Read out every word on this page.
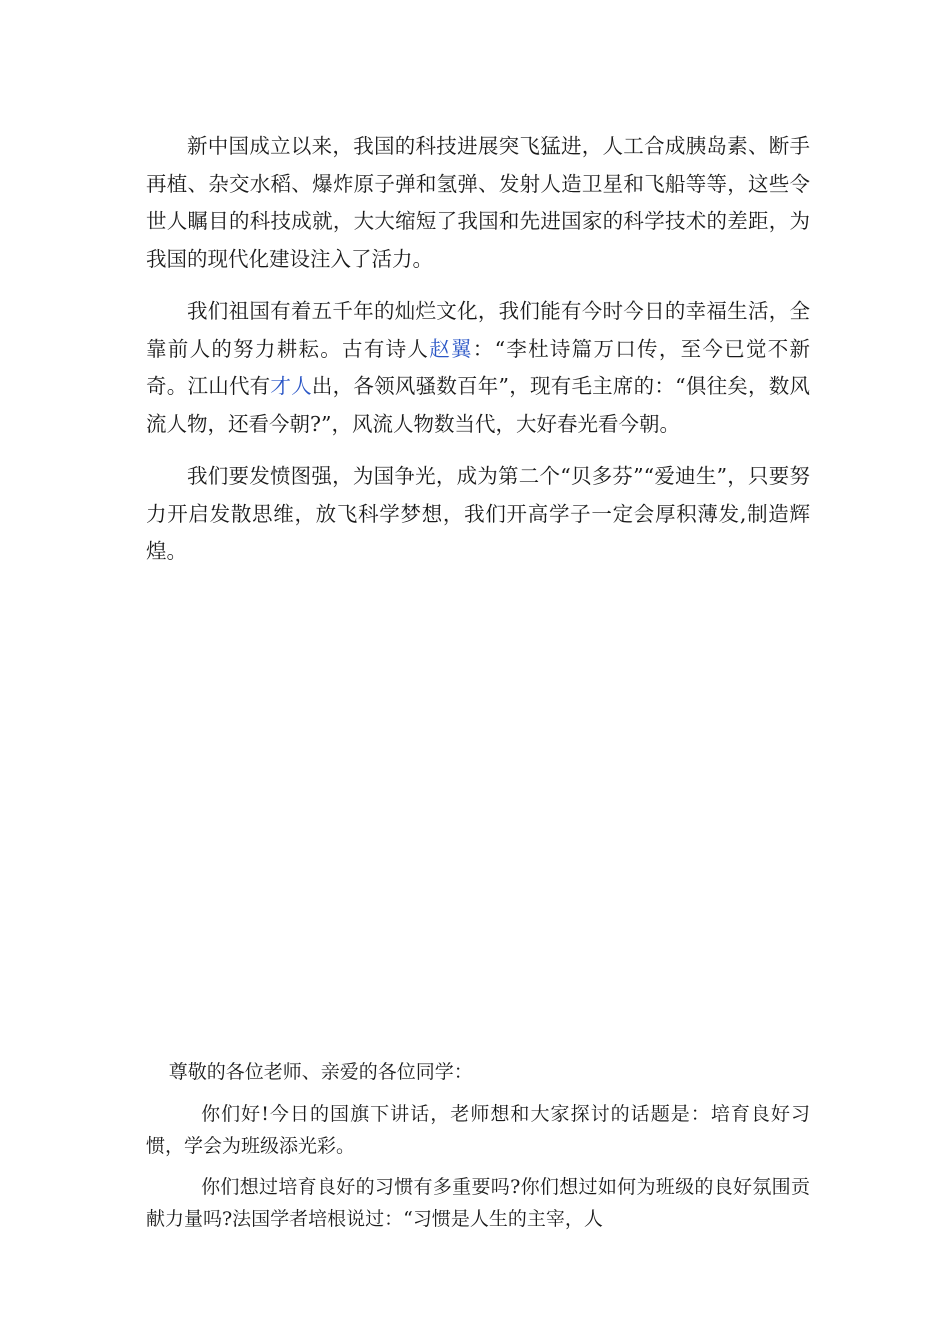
新中国成立以来，我国的科技进展突飞猛进，人工合成胰岛素、断手再植、杂交水稻、爆炸原子弹和氢弹、发射人造卫星和飞船等等，这些令世人瞩目的科技成就，大大缩短了我国和先进国家的科学技术的差距，为我国的现代化建设注入了活力。

我们祖国有着五千年的灿烂文化，我们能有今时今日的幸福生活，全靠前人的努力耕耘。古有诗人赵翼：“李杜诗篇万口传，至今已觉不新奇。江山代有才人出，各领风骚数百年”，现有毛主席的：“俱往矣，数风流人物，还看今朝?”，风流人物数当代，大好春光看今朝。

我们要发愤图强，为国争光，成为第二个“贝多芬”“爱迪生”，只要努力开启发散思维，放飞科学梦想，我们开高学子一定会厚积薄发,制造辉煌。

尊敬的各位老师、亲爱的各位同学：

你们好!今日的国旗下讲话，老师想和大家探讨的话题是：培育良好习惯，学会为班级添光彩。

你们想过培育良好的习惯有多重要吗?你们想过如何为班级的良好氛围贡献力量吗?法国学者培根说过：“习惯是人生的主宰，人
